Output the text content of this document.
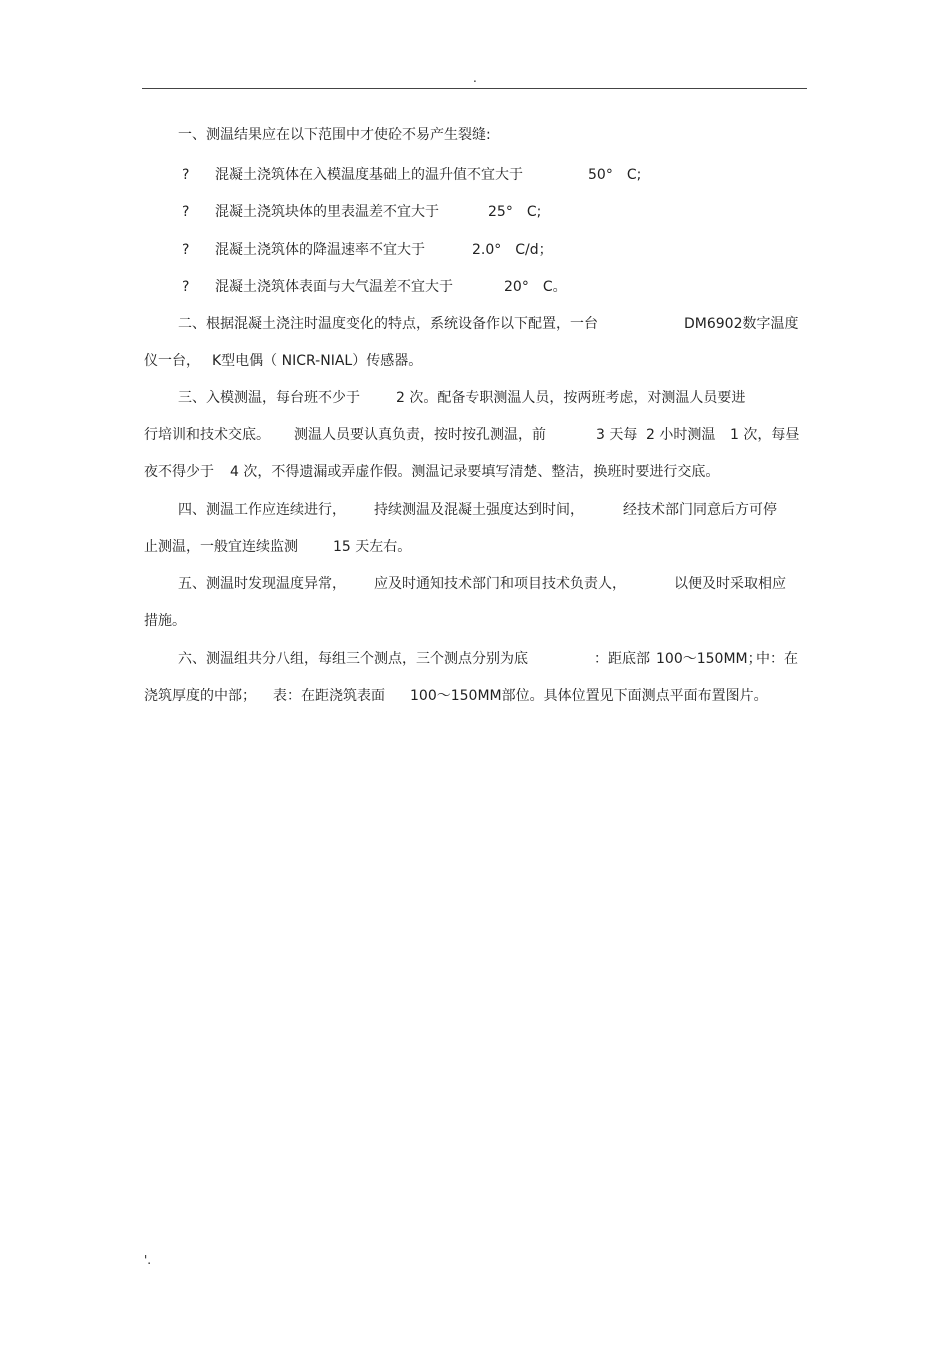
.
一、测温结果应在以下范围中才使砼不易产生裂缝:
? 混凝土浇筑体在入模温度基础上的温升值不宜大于	50°　C;
? 混凝土浇筑块体的里表温差不宜大于	25°　C;
? 混凝土浇筑体的降温速率不宜大于	2.0°　C/d；
? 混凝土浇筑体表面与大气温差不宜大于	20°　C。
二、根据混凝土浇注时温度变化的特点，系统设备作以下配置，一台	DM6902数字温度
仪一台， K型电偶（ NICR-NIAL）传感器。
三、入模测温，每台班不少于	2 次。配备专职测温人员，按两班考虑，对测温人员要进
行培训和技术交底。 测温人员要认真负责，按时按孔测温，前	3 天每 2 小时测温 1 次，每昼
夜不得少于 4 次，不得遗漏或弄虚作假。测温记录要填写清楚、整洁，换班时要进行交底。
四、测温工作应连续进行， 持续测温及混凝土强度达到时间，	经技术部门同意后方可停
止测温，一般宜连续监测	15 天左右。
五、测温时发现温度异常， 应及时通知技术部门和项目技术负责人，	以便及时采取相应
措施。
六、测温组共分八组，每组三个测点，三个测点分别为底	：距底部 100～150MM；
中：在
浇筑厚度的中部； 表：在距浇筑表面 100～150MM部位。具体位置见下面测点平面布置图片。
'.
